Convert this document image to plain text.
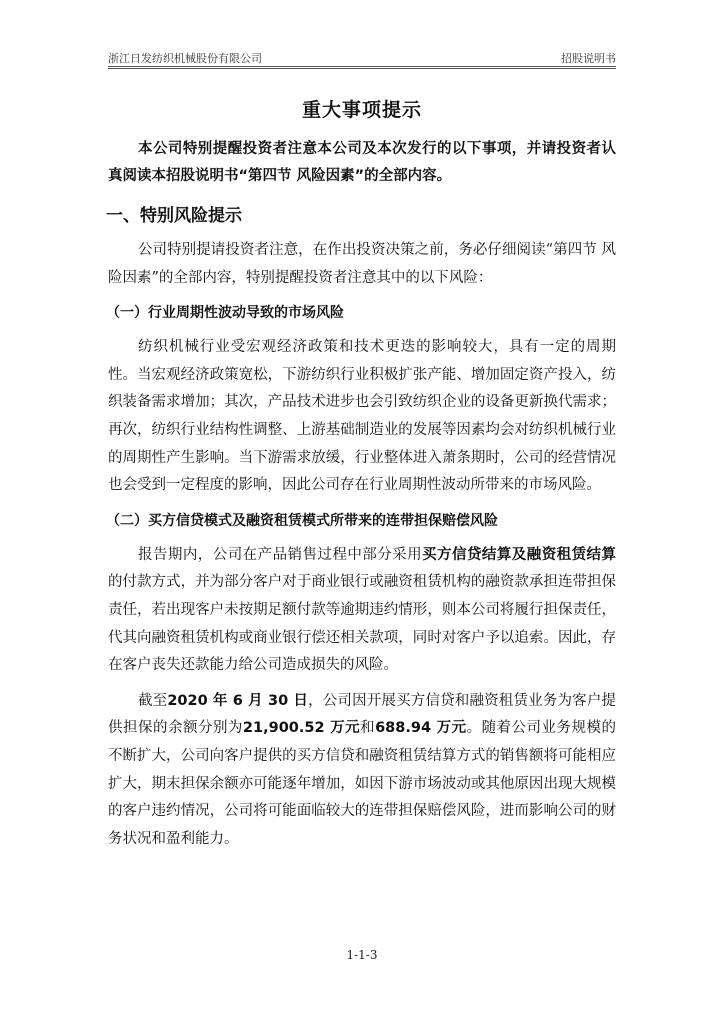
浙江日发纺织机械股份有限公司	招股说明书
重大事项提示

本公司特别提醒投资者注意本公司及本次发行的以下事项，并请投资者认真阅读本招股说明书“第四节 风险因素”的全部内容。

一、特别风险提示

公司特别提请投资者注意，在作出投资决策之前，务必仔细阅读“第四节 风险因素”的全部内容，特别提醒投资者注意其中的以下风险：

（一）行业周期性波动导致的市场风险

纺织机械行业受宏观经济政策和技术更迭的影响较大，具有一定的周期性。当宏观经济政策宽松，下游纺织行业积极扩张产能、增加固定资产投入，纺织装备需求增加；其次，产品技术进步也会引致纺织企业的设备更新换代需求；再次，纺织行业结构性调整、上游基础制造业的发展等因素均会对纺织机械行业的周期性产生影响。当下游需求放缓，行业整体进入萧条期时，公司的经营情况也会受到一定程度的影响，因此公司存在行业周期性波动所带来的市场风险。

（二）买方信贷模式及融资租赁模式所带来的连带担保赔偿风险

报告期内，公司在产品销售过程中部分采用买方信贷结算及融资租赁结算的付款方式，并为部分客户对于商业银行或融资租赁机构的融资款承担连带担保责任，若出现客户未按期足额付款等逾期违约情形，则本公司将履行担保责任，代其向融资租赁机构或商业银行偿还相关款项，同时对客户予以追索。因此，存在客户丧失还款能力给公司造成损失的风险。

截至2020 年 6 月 30 日，公司因开展买方信贷和融资租赁业务为客户提供担保的余额分别为21,900.52 万元和688.94 万元。随着公司业务规模的不断扩大，公司向客户提供的买方信贷和融资租赁结算方式的销售额将可能相应扩大，期末担保余额亦可能逐年增加，如因下游市场波动或其他原因出现大规模的客户违约情况，公司将可能面临较大的连带担保赔偿风险，进而影响公司的财务状况和盈利能力。

1-1-3
